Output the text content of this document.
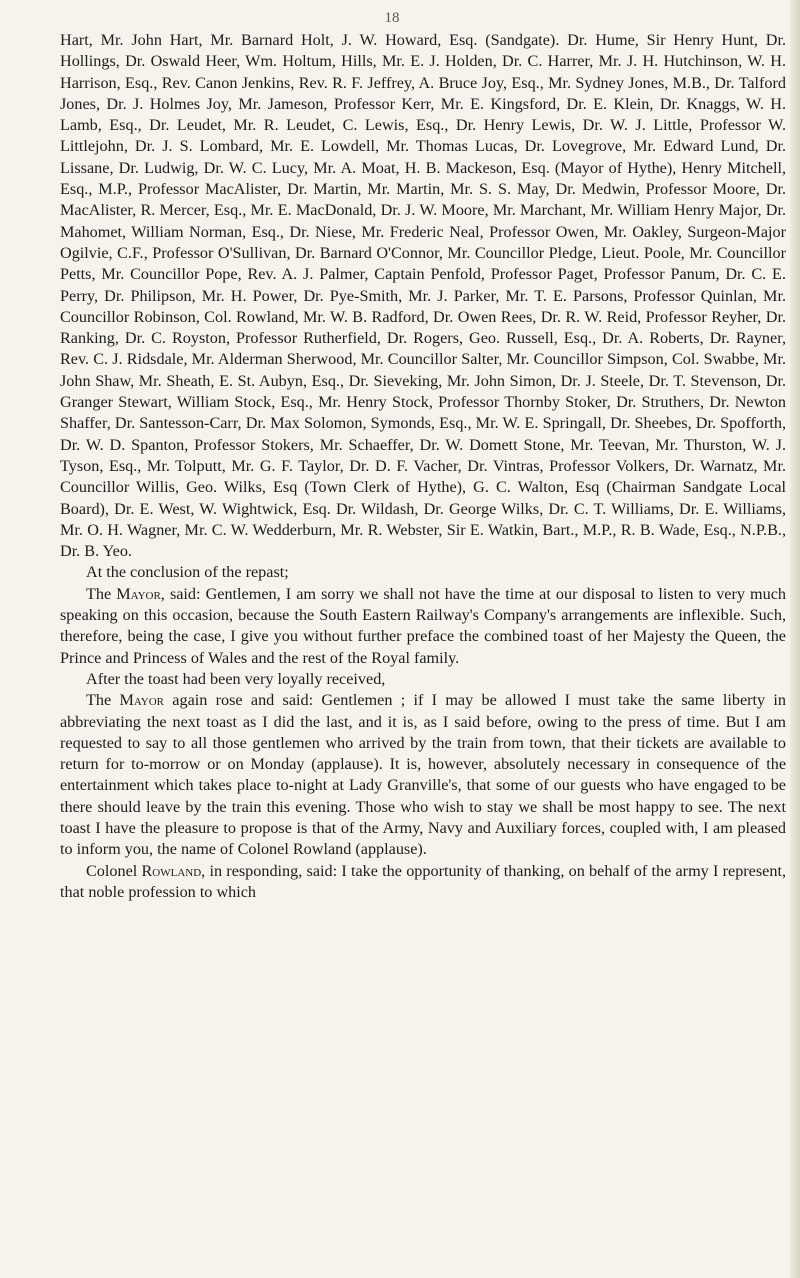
18

Hart, Mr. John Hart, Mr. Barnard Holt, J. W. Howard, Esq. (Sandgate). Dr. Hume, Sir Henry Hunt, Dr. Hollings, Dr. Oswald Heer, Wm. Holtum, Hills, Mr. E. J. Holden, Dr. C. Harrer, Mr. J. H. Hutchinson, W. H. Harrison, Esq., Rev. Canon Jenkins, Rev. R. F. Jeffrey, A. Bruce Joy, Esq., Mr. Sydney Jones, M.B., Dr. Talford Jones, Dr. J. Holmes Joy, Mr. Jameson, Professor Kerr, Mr. E. Kingsford, Dr. E. Klein, Dr. Knaggs, W. H. Lamb, Esq., Dr. Leudet, Mr. R. Leudet, C. Lewis, Esq., Dr. Henry Lewis, Dr. W. J. Little, Professor W. Littlejohn, Dr. J. S. Lombard, Mr. E. Lowdell, Mr. Thomas Lucas, Dr. Lovegrove, Mr. Edward Lund, Dr. Lissane, Dr. Ludwig, Dr. W. C. Lucy, Mr. A. Moat, H. B. Mackeson, Esq. (Mayor of Hythe), Henry Mitchell, Esq., M.P., Professor MacAlister, Dr. Martin, Mr. Martin, Mr. S. S. May, Dr. Medwin, Professor Moore, Dr. MacAlister, R. Mercer, Esq., Mr. E. MacDonald, Dr. J. W. Moore, Mr. Marchant, Mr. William Henry Major, Dr. Mahomet, William Norman, Esq., Dr. Niese, Mr. Frederic Neal, Professor Owen, Mr. Oakley, Surgeon-Major Ogilvie, C.F., Professor O'Sullivan, Dr. Barnard O'Connor, Mr. Councillor Pledge, Lieut. Poole, Mr. Councillor Petts, Mr. Councillor Pope, Rev. A. J. Palmer, Captain Penfold, Professor Paget, Professor Panum, Dr. C. E. Perry, Dr. Philipson, Mr. H. Power, Dr. Pye-Smith, Mr. J. Parker, Mr. T. E. Parsons, Professor Quinlan, Mr. Councillor Robinson, Col. Rowland, Mr. W. B. Radford, Dr. Owen Rees, Dr. R. W. Reid, Professor Reyher, Dr. Ranking, Dr. C. Royston, Professor Rutherfield, Dr. Rogers, Geo. Russell, Esq., Dr. A. Roberts, Dr. Rayner, Rev. C. J. Ridsdale, Mr. Alderman Sherwood, Mr. Councillor Salter, Mr. Councillor Simpson, Col. Swabbe, Mr. John Shaw, Mr. Sheath, E. St. Aubyn, Esq., Dr. Sieveking, Mr. John Simon, Dr. J. Steele, Dr. T. Stevenson, Dr. Granger Stewart, William Stock, Esq., Mr. Henry Stock, Professor Thornby Stoker, Dr. Struthers, Dr. Newton Shaffer, Dr. Santesson-Carr, Dr. Max Solomon, Symonds, Esq., Mr. W. E. Springall, Dr. Sheebes, Dr. Spofforth, Dr. W. D. Spanton, Professor Stokers, Mr. Schaeffer, Dr. W. Domett Stone, Mr. Teevan, Mr. Thurston, W. J. Tyson, Esq., Mr. Tolputt, Mr. G. F. Taylor, Dr. D. F. Vacher, Dr. Vintras, Professor Volkers, Dr. Warnatz, Mr. Councillor Willis, Geo. Wilks, Esq (Town Clerk of Hythe), G. C. Walton, Esq (Chairman Sandgate Local Board), Dr. E. West, W. Wightwick, Esq. Dr. Wildash, Dr. George Wilks, Dr. C. T. Williams, Dr. E. Williams, Mr. O. H. Wagner, Mr. C. W. Wedderburn, Mr. R. Webster, Sir E. Watkin, Bart., M.P., R. B. Wade, Esq., N.P.B., Dr. B. Yeo.

At the conclusion of the repast;

The Mayor, said: Gentlemen, I am sorry we shall not have the time at our disposal to listen to very much speaking on this occasion, because the South Eastern Railway's Company's arrangements are inflexible. Such, therefore, being the case, I give you without further preface the combined toast of her Majesty the Queen, the Prince and Princess of Wales and the rest of the Royal family.

After the toast had been very loyally received,

The Mayor again rose and said: Gentlemen ; if I may be allowed I must take the same liberty in abbreviating the next toast as I did the last, and it is, as I said before, owing to the press of time. But I am requested to say to all those gentlemen who arrived by the train from town, that their tickets are available to return for to-morrow or on Monday (applause). It is, however, absolutely necessary in consequence of the entertainment which takes place to-night at Lady Granville's, that some of our guests who have engaged to be there should leave by the train this evening. Those who wish to stay we shall be most happy to see. The next toast I have the pleasure to propose is that of the Army, Navy and Auxiliary forces, coupled with, I am pleased to inform you, the name of Colonel Rowland (applause).

Colonel Rowland, in responding, said: I take the opportunity of thanking, on behalf of the army I represent, that noble profession to which
